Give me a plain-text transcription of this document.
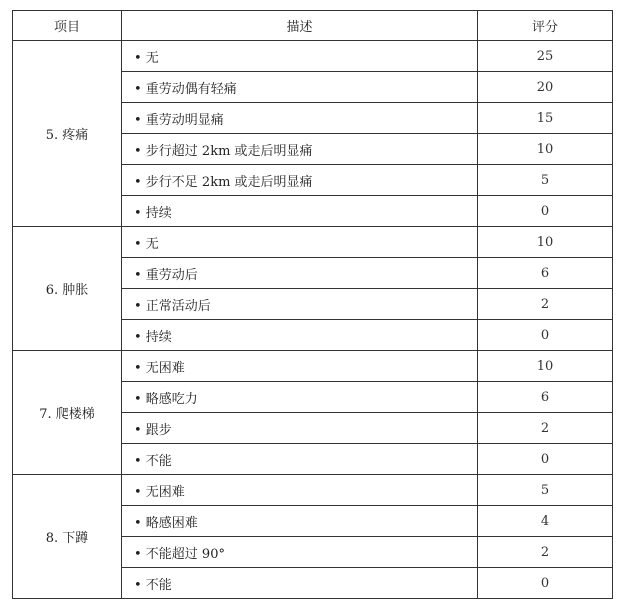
项目	描述	评分
5. 疼痛	• 无	25
	• 重劳动偶有轻痛	20
	• 重劳动明显痛	15
	• 步行超过 2km 或走后明显痛	10
	• 步行不足 2km 或走后明显痛	5
	• 持续	0
6. 肿胀	• 无	10
	• 重劳动后	6
	• 正常活动后	2
	• 持续	0
7. 爬楼梯	• 无困难	10
	• 略感吃力	6
	• 跟步	2
	• 不能	0
8. 下蹲	• 无困难	5
	• 略感困难	4
	• 不能超过 90°	2
	• 不能	0
